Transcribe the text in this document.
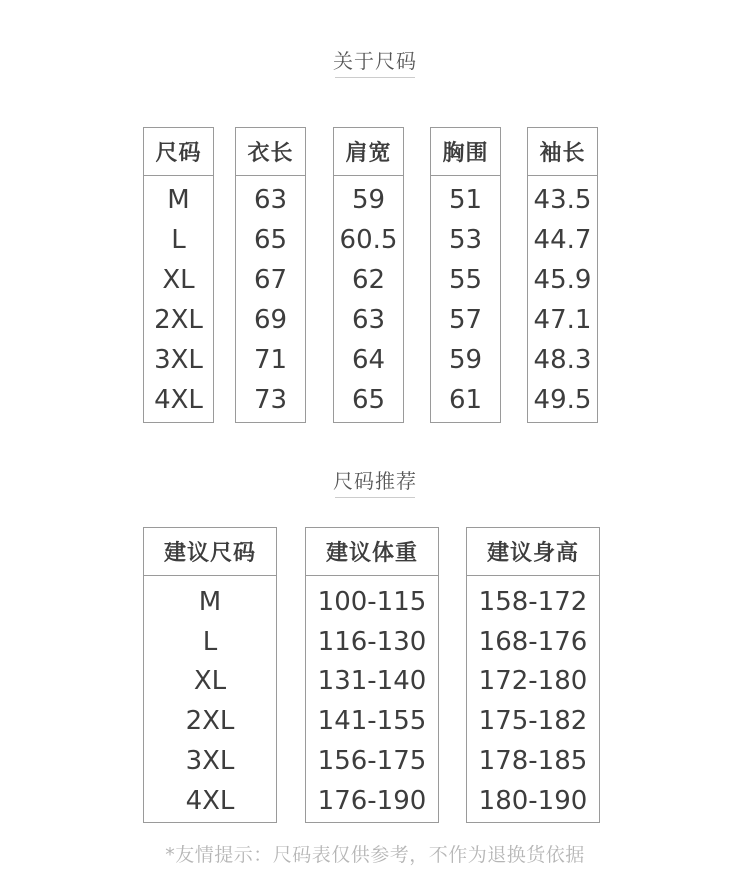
关于尺码
尺码
M
L
XL
2XL
3XL
4XL
衣长
63
65
67
69
71
73
肩宽
59
60.5
62
63
64
65
胸围
51
53
55
57
59
61
袖长
43.5
44.7
45.9
47.1
48.3
49.5
尺码推荐
建议尺码
M
L
XL
2XL
3XL
4XL
建议体重
100-115
116-130
131-140
141-155
156-175
176-190
建议身高
158-172
168-176
172-180
175-182
178-185
180-190
*友情提示：尺码表仅供参考，不作为退换货依据
